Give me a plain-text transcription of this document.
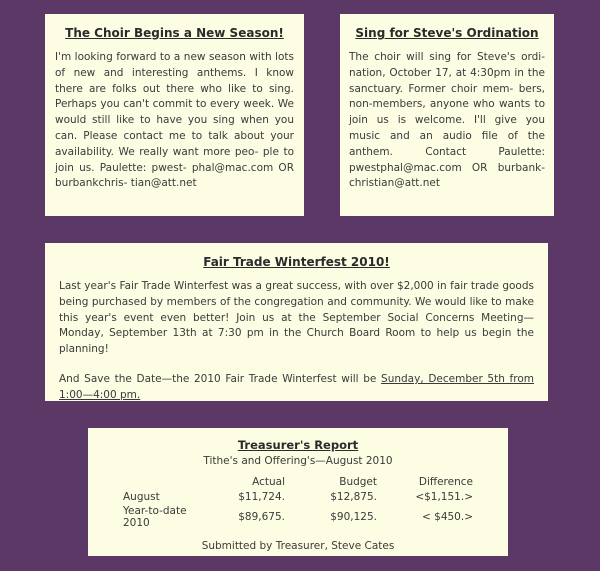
The Choir Begins a New Season!

I'm looking forward to a new season with lots of new and interesting anthems. I know there are folks out there who like to sing. Perhaps you can't commit to every week. We would still like to have you sing when you can. Please contact me to talk about your availability. We really want more peo- ple to join us. Paulette: pwest- phal@mac.com OR burbankchris- tian@att.net

Sing for Steve's Ordination

The choir will sing for Steve's ordi- nation, October 17, at 4:30pm in the sanctuary. Former choir mem- bers, non-members, anyone who wants to join us is welcome. I'll give you music and an audio file of the anthem. Contact Paulette: pwestphal@mac.com OR burbank- christian@att.net

Fair Trade Winterfest 2010!

Last year's Fair Trade Winterfest was a great success, with over $2,000 in fair trade goods being purchased by members of the congregation and community. We would like to make this year's event even better! Join us at the September Social Concerns Meeting—Monday, September 13th at 7:30 pm in the Church Board Room to help us begin the planning!

And Save the Date—the 2010 Fair Trade Winterfest will be Sunday, December 5th from 1:00—4:00 pm.

Treasurer's Report
Tithe's and Offering's—August 2010
	Actual	Budget	Difference
August	$11,724.	$12,875.	<$1,151.>
Year-to-date 2010	$89,675.	$90,125.	< $450.>
Submitted by Treasurer, Steve Cates
